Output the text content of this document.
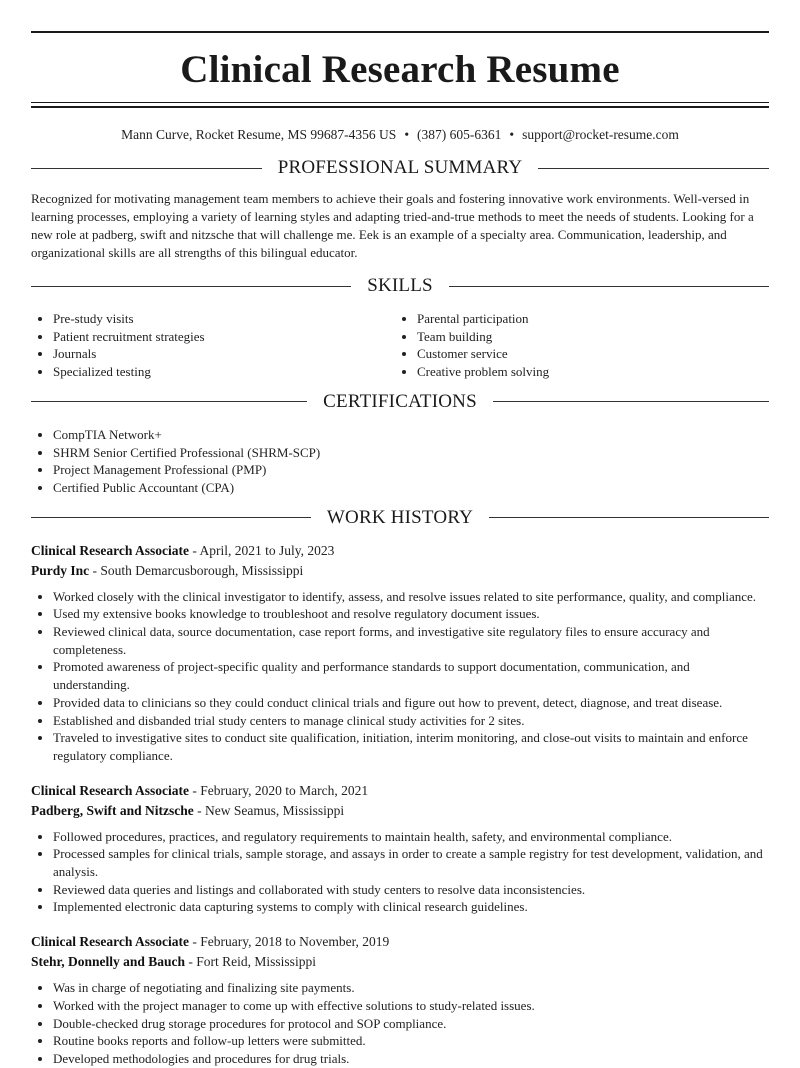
Clinical Research Resume
Mann Curve, Rocket Resume, MS 99687-4356 US • (387) 605-6361 • support@rocket-resume.com
PROFESSIONAL SUMMARY

Recognized for motivating management team members to achieve their goals and fostering innovative work environments. Well-versed in learning processes, employing a variety of learning styles and adapting tried-and-true methods to meet the needs of students. Looking for a new role at padberg, swift and nitzsche that will challenge me. Eek is an example of a specialty area. Communication, leadership, and organizational skills are all strengths of this bilingual educator.

SKILLS
Pre-study visits
Patient recruitment strategies
Journals
Specialized testing
Parental participation
Team building
Customer service
Creative problem solving
CERTIFICATIONS
CompTIA Network+
SHRM Senior Certified Professional (SHRM-SCP)
Project Management Professional (PMP)
Certified Public Accountant (CPA)
WORK HISTORY
Clinical Research Associate - April, 2021 to July, 2023
Purdy Inc - South Demarcusborough, Mississippi
Worked closely with the clinical investigator to identify, assess, and resolve issues related to site performance, quality, and compliance.
Used my extensive books knowledge to troubleshoot and resolve regulatory document issues.
Reviewed clinical data, source documentation, case report forms, and investigative site regulatory files to ensure accuracy and completeness.
Promoted awareness of project-specific quality and performance standards to support documentation, communication, and understanding.
Provided data to clinicians so they could conduct clinical trials and figure out how to prevent, detect, diagnose, and treat disease.
Established and disbanded trial study centers to manage clinical study activities for 2 sites.
Traveled to investigative sites to conduct site qualification, initiation, interim monitoring, and close-out visits to maintain and enforce regulatory compliance.
Clinical Research Associate - February, 2020 to March, 2021
Padberg, Swift and Nitzsche - New Seamus, Mississippi
Followed procedures, practices, and regulatory requirements to maintain health, safety, and environmental compliance.
Processed samples for clinical trials, sample storage, and assays in order to create a sample registry for test development, validation, and analysis.
Reviewed data queries and listings and collaborated with study centers to resolve data inconsistencies.
Implemented electronic data capturing systems to comply with clinical research guidelines.
Clinical Research Associate - February, 2018 to November, 2019
Stehr, Donnelly and Bauch - Fort Reid, Mississippi
Was in charge of negotiating and finalizing site payments.
Worked with the project manager to come up with effective solutions to study-related issues.
Double-checked drug storage procedures for protocol and SOP compliance.
Routine books reports and follow-up letters were submitted.
Developed methodologies and procedures for drug trials.
